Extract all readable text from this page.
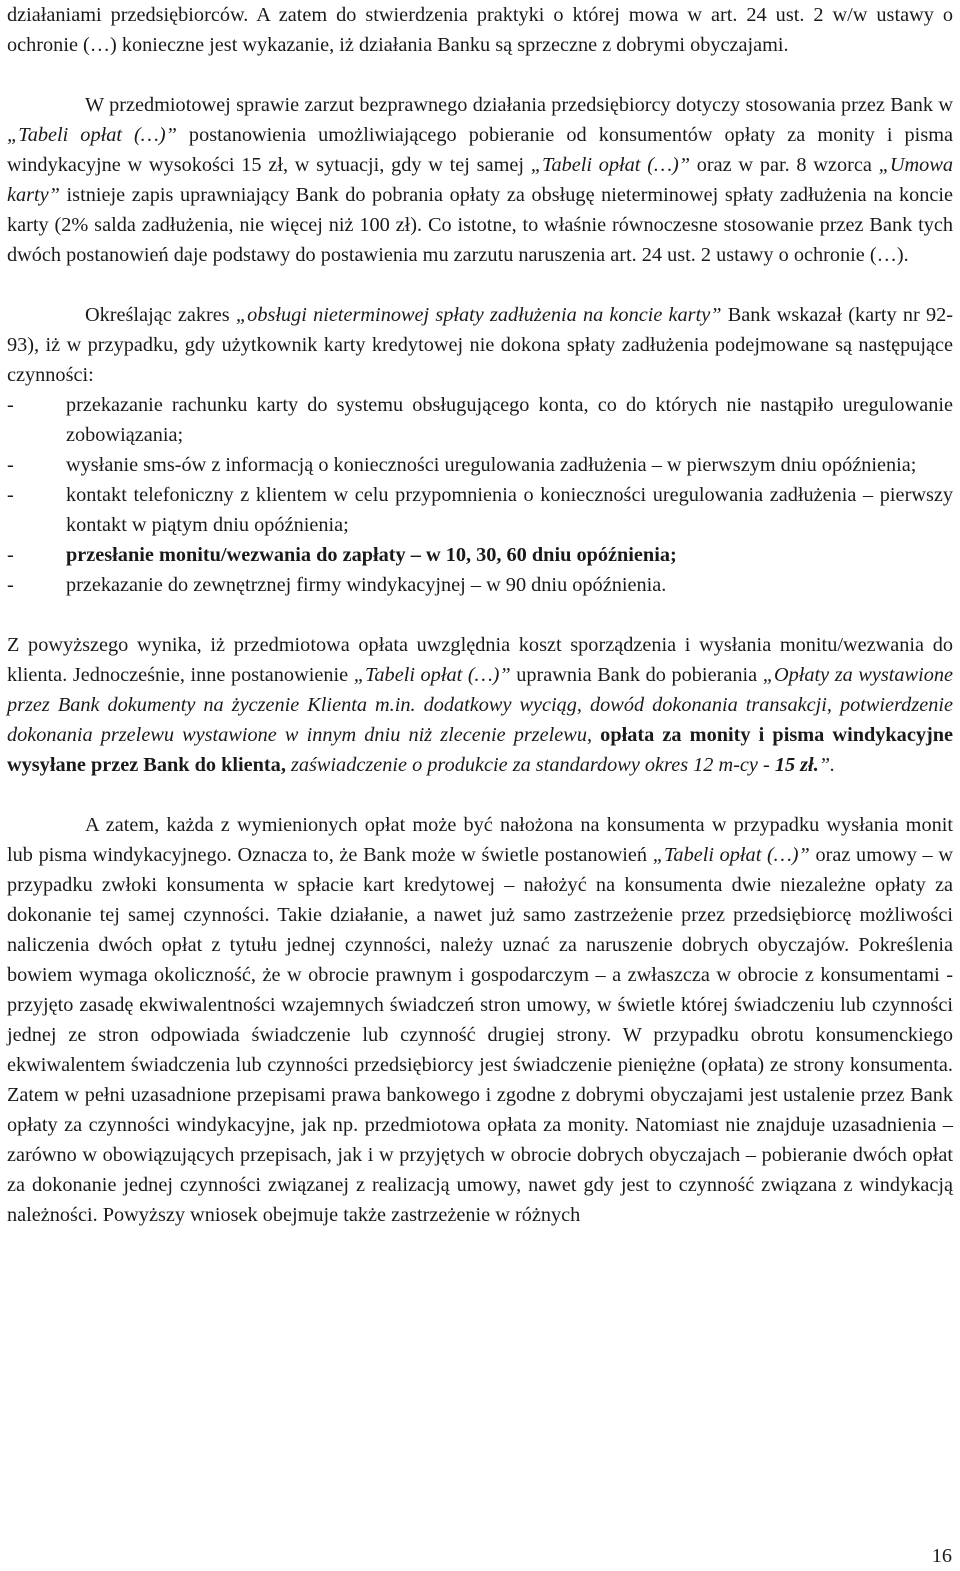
działaniami przedsiębiorców. A zatem do stwierdzenia praktyki o której mowa w art. 24 ust. 2 w/w ustawy o ochronie (…) konieczne jest wykazanie, iż działania Banku są sprzeczne z dobrymi obyczajami.

W przedmiotowej sprawie zarzut bezprawnego działania przedsiębiorcy dotyczy stosowania przez Bank w „Tabeli opłat (…)” postanowienia umożliwiającego pobieranie od konsumentów opłaty za monity i pisma windykacyjne w wysokości 15 zł, w sytuacji, gdy w tej samej „Tabeli opłat (…)” oraz w par. 8 wzorca „Umowa karty” istnieje zapis uprawniający Bank do pobrania opłaty za obsługę nieterminowej spłaty zadłużenia na koncie karty (2% salda zadłużenia, nie więcej niż 100 zł). Co istotne, to właśnie równoczesne stosowanie przez Bank tych dwóch postanowień daje podstawy do postawienia mu zarzutu naruszenia art. 24 ust. 2 ustawy o ochronie (…).

Określając zakres „obsługi nieterminowej spłaty zadłużenia na koncie karty” Bank wskazał (karty nr 92-93), iż w przypadku, gdy użytkownik karty kredytowej nie dokona spłaty zadłużenia podejmowane są następujące czynności:

-	przekazanie rachunku karty do systemu obsługującego konta, co do których nie nastąpiło uregulowanie zobowiązania;
-	wysłanie sms-ów z informacją o konieczności uregulowania zadłużenia – w pierwszym dniu opóźnienia;
-	kontakt telefoniczny z klientem w celu przypomnienia o konieczności uregulowania zadłużenia – pierwszy kontakt w piątym dniu opóźnienia;
-	przesłanie monitu/wezwania do zapłaty – w 10, 30, 60 dniu opóźnienia;
-	przekazanie do zewnętrznej firmy windykacyjnej – w 90 dniu opóźnienia.

Z powyższego wynika, iż przedmiotowa opłata uwzględnia koszt sporządzenia i wysłania monitu/wezwania do klienta. Jednocześnie, inne postanowienie „Tabeli opłat (…)” uprawnia Bank do pobierania „Opłaty za wystawione przez Bank dokumenty na życzenie Klienta m.in. dodatkowy wyciąg, dowód dokonania transakcji, potwierdzenie dokonania przelewu wystawione w innym dniu niż zlecenie przelewu, opłata za monity i pisma windykacyjne wysyłane przez Bank do klienta, zaświadczenie o produkcie za standardowy okres 12 m-cy - 15 zł.”.

A zatem, każda z wymienionych opłat może być nałożona na konsumenta w przypadku wysłania monit lub pisma windykacyjnego. Oznacza to, że Bank może w świetle postanowień „Tabeli opłat (…)” oraz umowy – w przypadku zwłoki konsumenta w spłacie kart kredytowej – nałożyć na konsumenta dwie niezależne opłaty za dokonanie tej samej czynności. Takie działanie, a nawet już samo zastrzeżenie przez przedsiębiorcę możliwości naliczenia dwóch opłat z tytułu jednej czynności, należy uznać za naruszenie dobrych obyczajów. Pokreślenia bowiem wymaga okoliczność, że w obrocie prawnym i gospodarczym – a zwłaszcza w obrocie z konsumentami - przyjęto zasadę ekwiwalentności wzajemnych świadczeń stron umowy, w świetle której świadczeniu lub czynności jednej ze stron odpowiada świadczenie lub czynność drugiej strony. W przypadku obrotu konsumenckiego ekwiwalentem świadczenia lub czynności przedsiębiorcy jest świadczenie pieniężne (opłata) ze strony konsumenta. Zatem w pełni uzasadnione przepisami prawa bankowego i zgodne z dobrymi obyczajami jest ustalenie przez Bank opłaty za czynności windykacyjne, jak np. przedmiotowa opłata za monity. Natomiast nie znajduje uzasadnienia – zarówno w obowiązujących przepisach, jak i w przyjętych w obrocie dobrych obyczajach – pobieranie dwóch opłat za dokonanie jednej czynności związanej z realizacją umowy, nawet gdy jest to czynność związana z windykacją należności. Powyższy wniosek obejmuje także zastrzeżenie w różnych

16
